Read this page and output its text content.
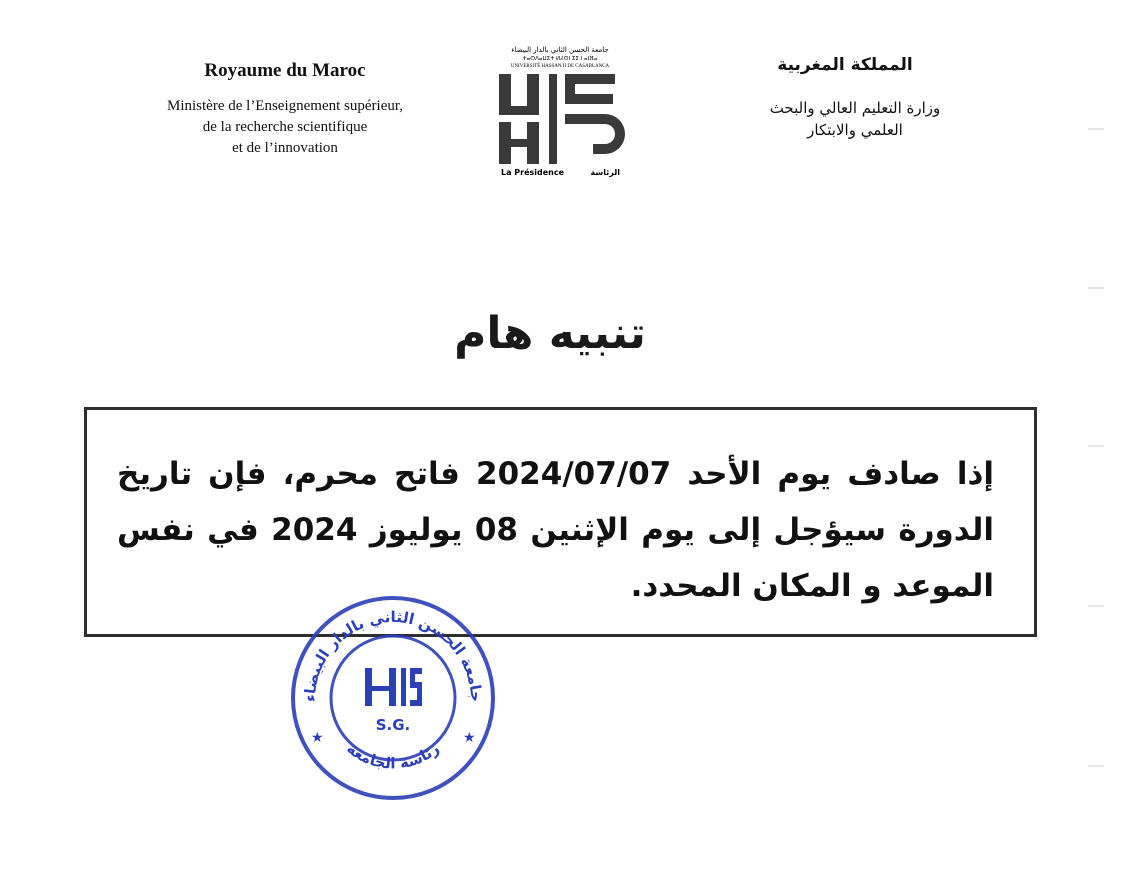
Royaume du Maroc
Ministère de l’Enseignement supérieur,
de la recherche scientifique
et de l’innovation
جامعة الحسن الثاني بالدار البيضاء
ⵜⴰⵙⴷⴰⵡⵉⵜ ⵍⵃⵙⵏ ⵉⵉ ⵏ ⴰⵏⴼⴰ
UNIVERSITÉ HASSAN II DE CASABLANCA
La Présidence	الرئاسة
المملكة المغربية
وزارة التعليم العالي والبحث
العلمي والابتكار
تنبيه هام
إذا صادف يوم الأحد 2024/07/07 فاتح محرم، فإن تاريخ الدورة سيؤجل إلى يوم الإثنين 08 يوليوز 2024 في نفس الموعد و المكان المحدد.
جامعة الحسن الثاني بالدار البيضاء
رئاسة الجامعة
★	★
S.G.
